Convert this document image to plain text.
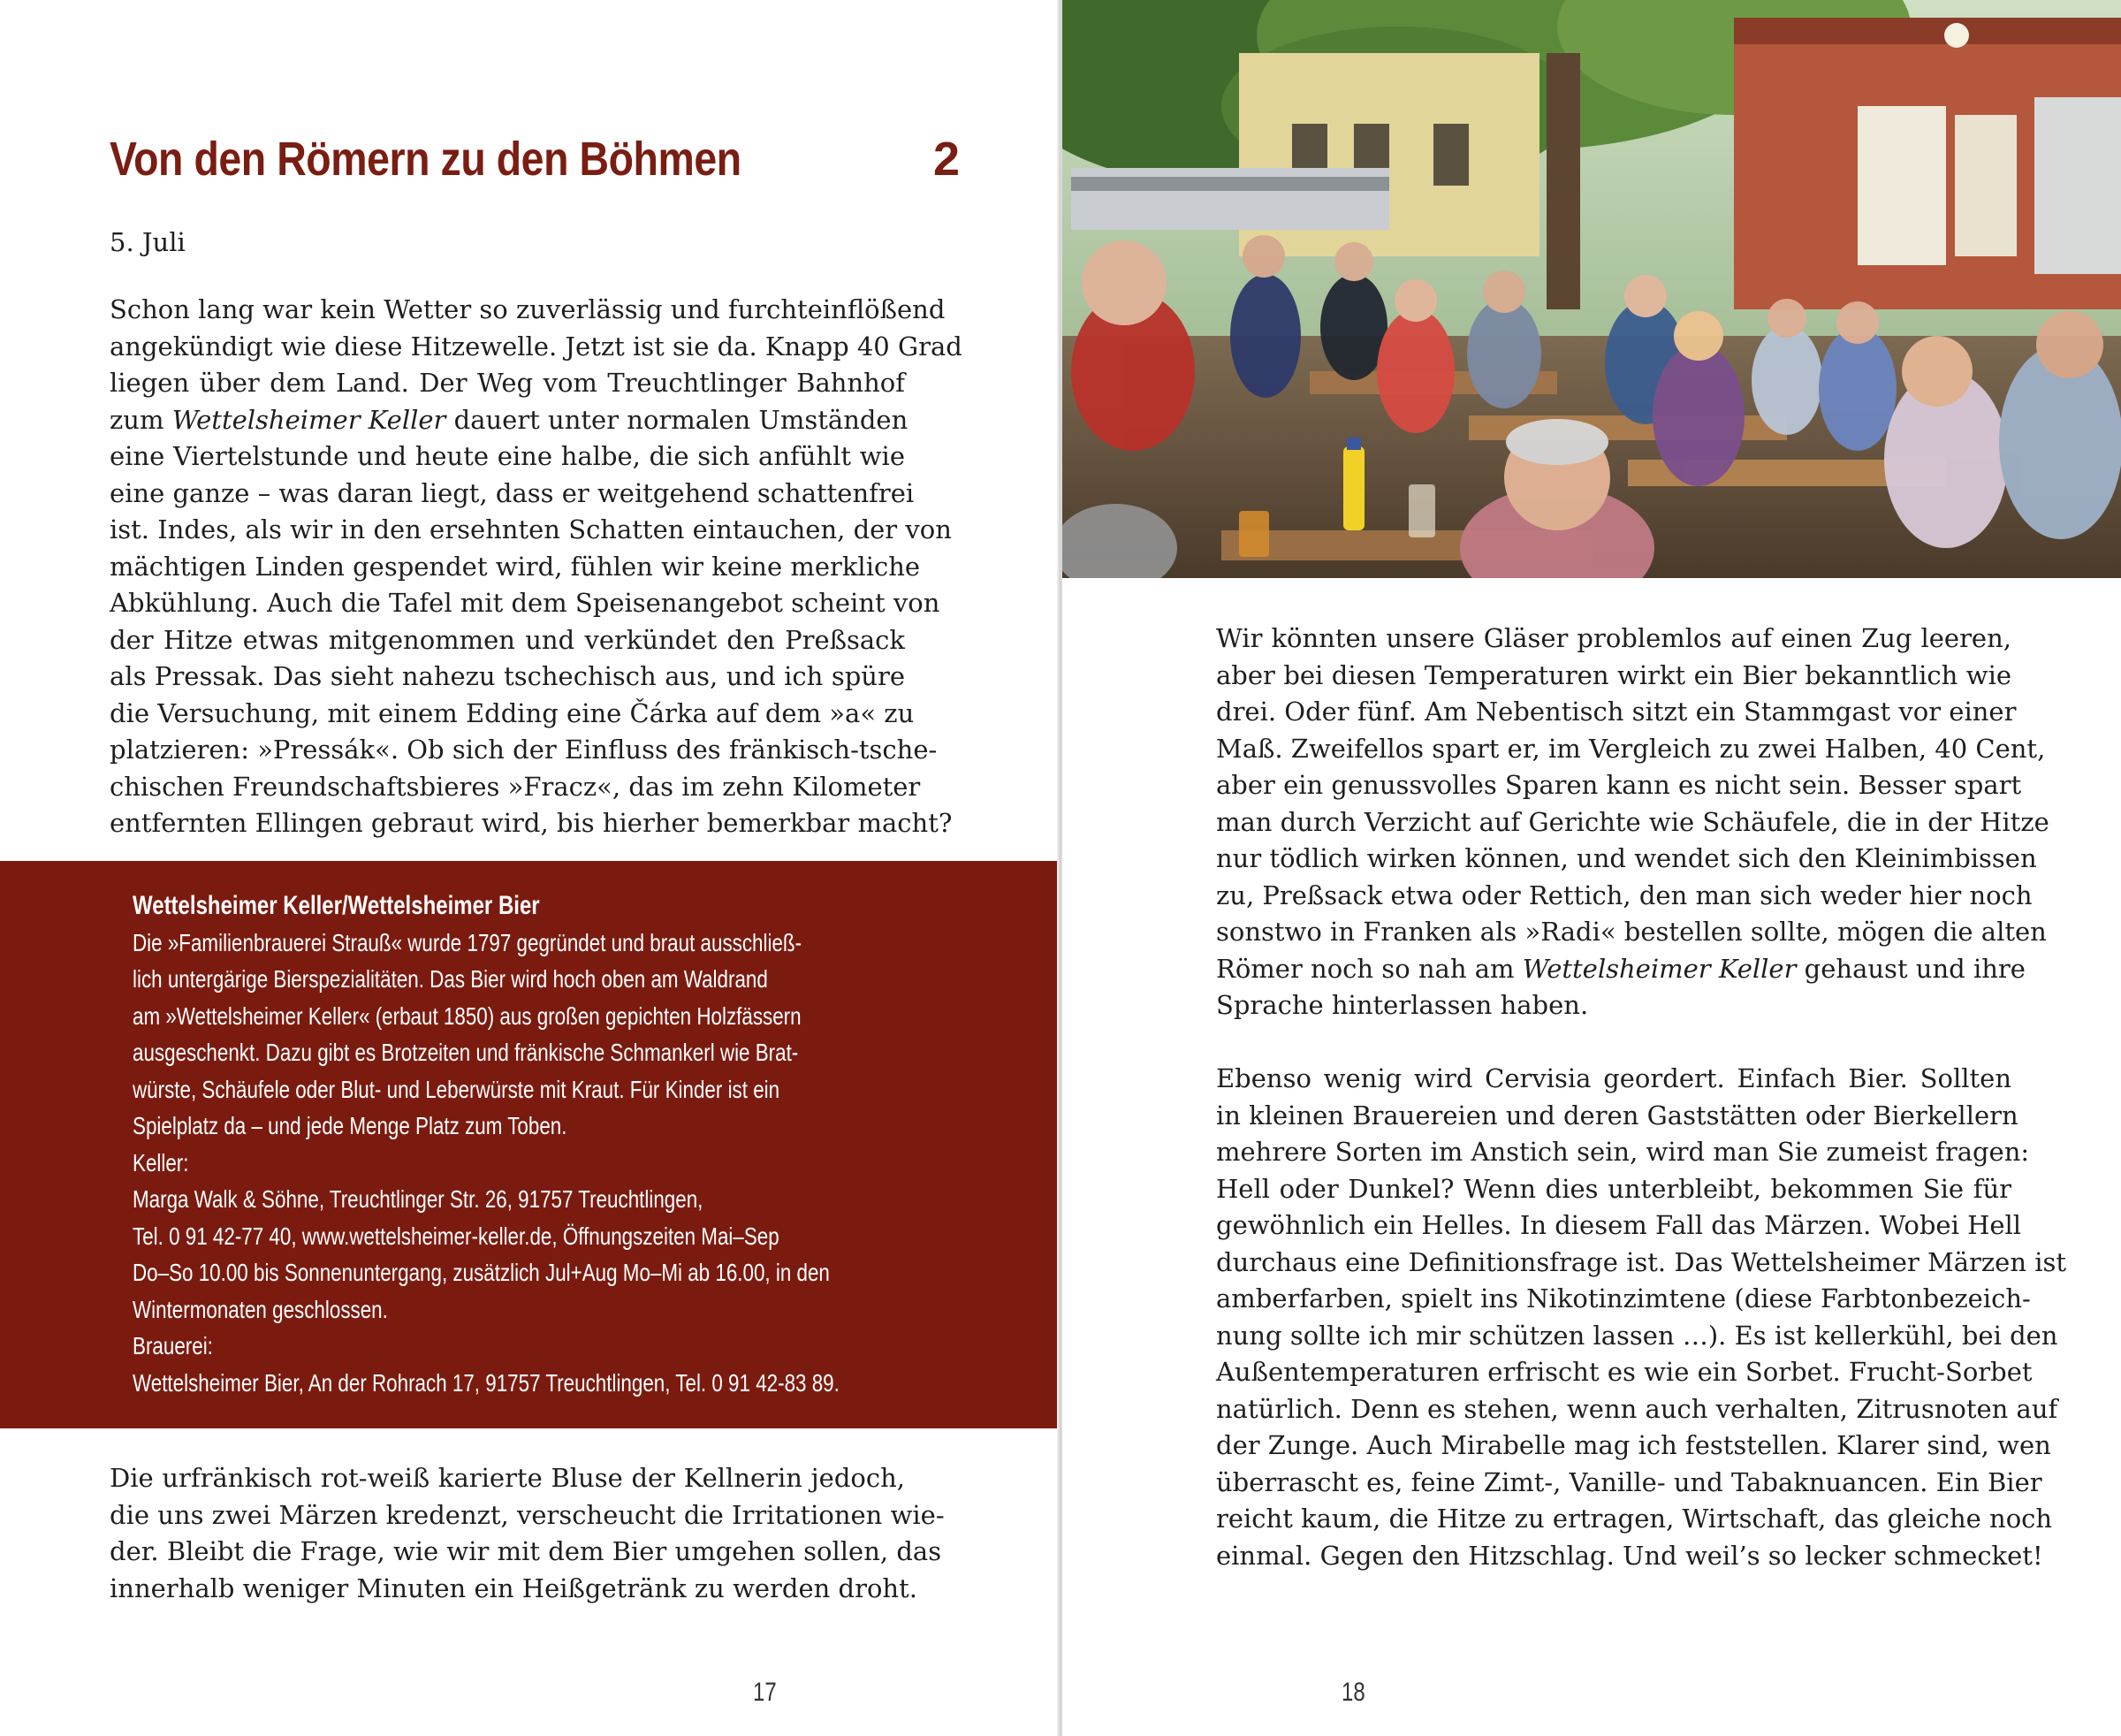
Von den Römern zu den Böhmen	2
5. Juli
Schon lang war kein Wetter so zuverlässig und furchteinflößend
angekündigt wie diese Hitzewelle. Jetzt ist sie da. Knapp 40 Grad
liegen über dem Land. Der Weg vom Treuchtlinger Bahnhof
zum Wettelsheimer Keller dauert unter normalen Umständen
eine Viertelstunde und heute eine halbe, die sich anfühlt wie
eine ganze – was daran liegt, dass er weitgehend schattenfrei
ist. Indes, als wir in den ersehnten Schatten eintauchen, der von
mächtigen Linden gespendet wird, fühlen wir keine merkliche
Abkühlung. Auch die Tafel mit dem Speisenangebot scheint von
der Hitze etwas mitgenommen und verkündet den Preßsack
als Pressak. Das sieht nahezu tschechisch aus, und ich spüre
die Versuchung, mit einem Edding eine Čárka auf dem »a« zu
platzieren: »Pressák«. Ob sich der Einfluss des fränkisch-tsche-
chischen Freundschaftsbieres »Fracz«, das im zehn Kilometer
entfernten Ellingen gebraut wird, bis hierher bemerkbar macht?
Wettelsheimer Keller/Wettelsheimer Bier
Die »Familienbrauerei Strauß« wurde 1797 gegründet und braut ausschließ-
lich untergärige Bierspezialitäten. Das Bier wird hoch oben am Waldrand
am »Wettelsheimer Keller« (erbaut 1850) aus großen gepichten Holzfässern
ausgeschenkt. Dazu gibt es Brotzeiten und fränkische Schmankerl wie Brat-
würste, Schäufele oder Blut- und Leberwürste mit Kraut. Für Kinder ist ein
Spielplatz da – und jede Menge Platz zum Toben.
Keller:
Marga Walk & Söhne, Treuchtlinger Str. 26, 91757 Treuchtlingen,
Tel. 0 91 42-77 40, www.wettelsheimer-keller.de, Öffnungszeiten Mai–Sep
Do–So 10.00 bis Sonnenuntergang, zusätzlich Jul+Aug Mo–Mi ab 16.00, in den
Wintermonaten geschlossen.
Brauerei:
Wettelsheimer Bier, An der Rohrach 17, 91757 Treuchtlingen, Tel. 0 91 42-83 89.
Die urfränkisch rot-weiß karierte Bluse der Kellnerin jedoch,
die uns zwei Märzen kredenzt, verscheucht die Irritationen wie-
der. Bleibt die Frage, wie wir mit dem Bier umgehen sollen, das
innerhalb weniger Minuten ein Heißgetränk zu werden droht.
17
Wir könnten unsere Gläser problemlos auf einen Zug leeren,
aber bei diesen Temperaturen wirkt ein Bier bekanntlich wie
drei. Oder fünf. Am Nebentisch sitzt ein Stammgast vor einer
Maß. Zweifellos spart er, im Vergleich zu zwei Halben, 40 Cent,
aber ein genussvolles Sparen kann es nicht sein. Besser spart
man durch Verzicht auf Gerichte wie Schäufele, die in der Hitze
nur tödlich wirken können, und wendet sich den Kleinimbissen
zu, Preßsack etwa oder Rettich, den man sich weder hier noch
sonstwo in Franken als »Radi« bestellen sollte, mögen die alten
Römer noch so nah am Wettelsheimer Keller gehaust und ihre
Sprache hinterlassen haben.
Ebenso wenig wird Cervisia geordert. Einfach Bier. Sollten
in kleinen Brauereien und deren Gaststätten oder Bierkellern
mehrere Sorten im Anstich sein, wird man Sie zumeist fragen:
Hell oder Dunkel? Wenn dies unterbleibt, bekommen Sie für
gewöhnlich ein Helles. In diesem Fall das Märzen. Wobei Hell
durchaus eine Definitionsfrage ist. Das Wettelsheimer Märzen ist
amberfarben, spielt ins Nikotinzimtene (diese Farbtonbezeich-
nung sollte ich mir schützen lassen …). Es ist kellerkühl, bei den
Außentemperaturen erfrischt es wie ein Sorbet. Frucht-Sorbet
natürlich. Denn es stehen, wenn auch verhalten, Zitrusnoten auf
der Zunge. Auch Mirabelle mag ich feststellen. Klarer sind, wen
überrascht es, feine Zimt-, Vanille- und Tabaknuancen. Ein Bier
reicht kaum, die Hitze zu ertragen, Wirtschaft, das gleiche noch
einmal. Gegen den Hitzschlag. Und weil’s so lecker schmecket!
18
